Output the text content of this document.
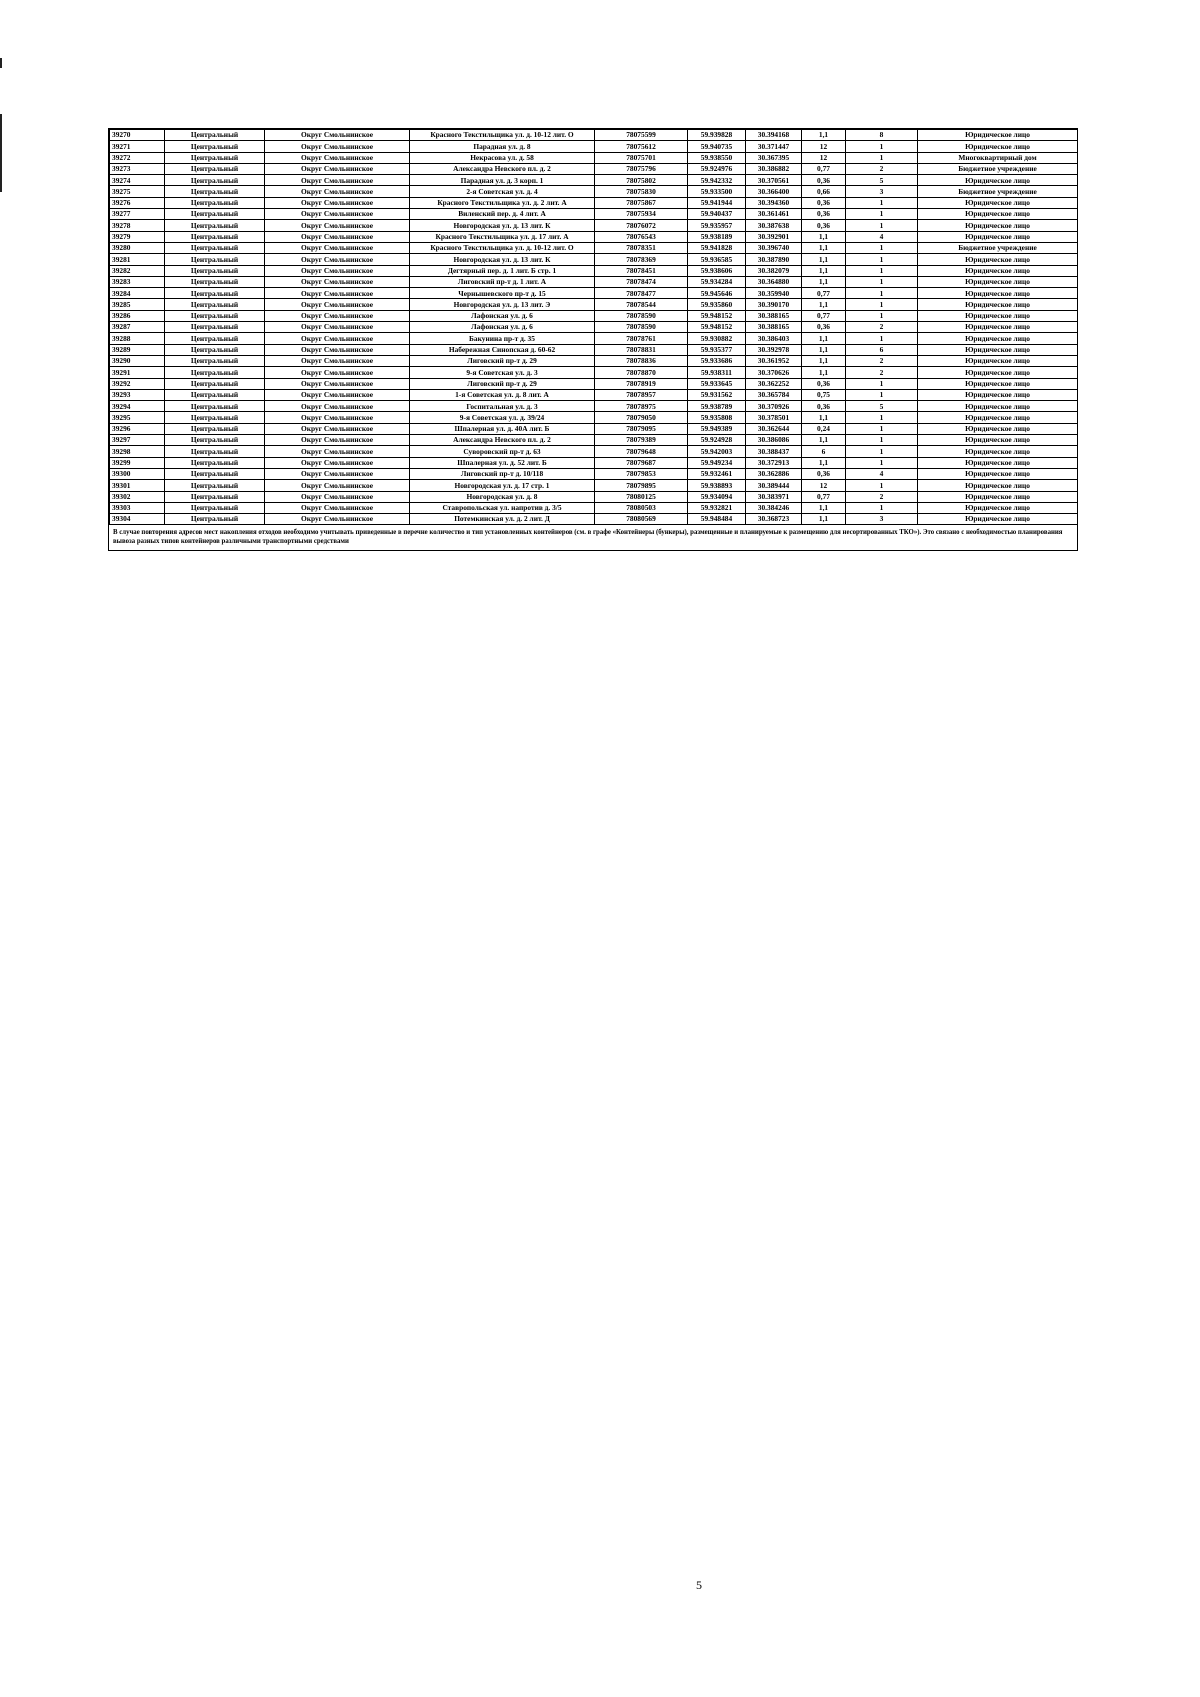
39270	Центральный	Округ Смольнинское	Красного Текстильщика ул. д. 10-12 лит. О	78075599	59.939828	30.394168	1,1	8	Юридическое лицо
39271	Центральный	Округ Смольнинское	Парадная ул. д. 8	78075612	59.940735	30.371447	12	1	Юридическое лицо
39272	Центральный	Округ Смольнинское	Некрасова ул. д. 58	78075701	59.938550	30.367395	12	1	Многоквартирный дом
39273	Центральный	Округ Смольнинское	Александра Невского пл. д. 2	78075796	59.924976	30.386882	0,77	2	Бюджетное учреждение
39274	Центральный	Округ Смольнинское	Парадная ул. д. 3 корп. 1	78075802	59.942332	30.370561	0,36	5	Юридическое лицо
39275	Центральный	Округ Смольнинское	2-я Советская ул. д. 4	78075830	59.933500	30.366400	0,66	3	Бюджетное учреждение
39276	Центральный	Округ Смольнинское	Красного Текстильщика ул. д. 2 лит. А	78075867	59.941944	30.394360	0,36	1	Юридическое лицо
39277	Центральный	Округ Смольнинское	Виленский пер. д. 4 лит. А	78075934	59.940437	30.361461	0,36	1	Юридическое лицо
39278	Центральный	Округ Смольнинское	Новгородская ул. д. 13 лит. К	78076072	59.935957	30.387638	0,36	1	Юридическое лицо
39279	Центральный	Округ Смольнинское	Красного Текстильщика ул. д. 17 лит. А	78076543	59.938189	30.392901	1,1	4	Юридическое лицо
39280	Центральный	Округ Смольнинское	Красного Текстильщика ул. д. 10-12 лит. О	78078351	59.941828	30.396740	1,1	1	Бюджетное учреждение
39281	Центральный	Округ Смольнинское	Новгородская ул. д. 13 лит. К	78078369	59.936585	30.387890	1,1	1	Юридическое лицо
39282	Центральный	Округ Смольнинское	Дегтярный пер. д. 1 лит. Б стр. 1	78078451	59.938606	30.382079	1,1	1	Юридическое лицо
39283	Центральный	Округ Смольнинское	Лиговский пр-т д. 1 лит. А	78078474	59.934284	30.364880	1,1	1	Юридическое лицо
39284	Центральный	Округ Смольнинское	Чернышевского пр-т д. 15	78078477	59.945646	30.359940	0,77	1	Юридическое лицо
39285	Центральный	Округ Смольнинское	Новгородская ул. д. 13 лит. Э	78078544	59.935860	30.390170	1,1	1	Юридическое лицо
39286	Центральный	Округ Смольнинское	Лафонская ул. д. 6	78078590	59.948152	30.388165	0,77	1	Юридическое лицо
39287	Центральный	Округ Смольнинское	Лафонская ул. д. 6	78078590	59.948152	30.388165	0,36	2	Юридическое лицо
39288	Центральный	Округ Смольнинское	Бакунина пр-т д. 35	78078761	59.930882	30.386403	1,1	1	Юридическое лицо
39289	Центральный	Округ Смольнинское	Набережная Синопская д. 60-62	78078831	59.935377	30.392978	1,1	6	Юридическое лицо
39290	Центральный	Округ Смольнинское	Лиговский пр-т д. 29	78078836	59.933686	30.361952	1,1	2	Юридическое лицо
39291	Центральный	Округ Смольнинское	9-я Советская ул. д. 3	78078870	59.938311	30.370626	1,1	2	Юридическое лицо
39292	Центральный	Округ Смольнинское	Лиговский пр-т д. 29	78078919	59.933645	30.362252	0,36	1	Юридическое лицо
39293	Центральный	Округ Смольнинское	1-я Советская ул. д. 8 лит. А	78078957	59.931562	30.365784	0,75	1	Юридическое лицо
39294	Центральный	Округ Смольнинское	Госпитальная ул. д. 3	78078975	59.938789	30.370926	0,36	5	Юридическое лицо
39295	Центральный	Округ Смольнинское	9-я Советская ул. д. 39/24	78079050	59.935808	30.378501	1,1	1	Юридическое лицо
39296	Центральный	Округ Смольнинское	Шпалерная ул. д. 40А лит. Б	78079095	59.949389	30.362644	0,24	1	Юридическое лицо
39297	Центральный	Округ Смольнинское	Александра Невского пл. д. 2	78079389	59.924928	30.386086	1,1	1	Юридическое лицо
39298	Центральный	Округ Смольнинское	Суворовский пр-т д. 63	78079648	59.942003	30.388437	6	1	Юридическое лицо
39299	Центральный	Округ Смольнинское	Шпалерная ул. д. 52 лит. Б	78079687	59.949234	30.372913	1,1	1	Юридическое лицо
39300	Центральный	Округ Смольнинское	Лиговский пр-т д. 10/118	78079853	59.932461	30.362886	0,36	4	Юридическое лицо
39301	Центральный	Округ Смольнинское	Новгородская ул. д. 17 стр. 1	78079895	59.938893	30.389444	12	1	Юридическое лицо
39302	Центральный	Округ Смольнинское	Новгородская ул. д. 8	78080125	59.934094	30.383971	0,77	2	Юридическое лицо
39303	Центральный	Округ Смольнинское	Ставропольская ул. напротив д. 3/5	78080503	59.932821	30.384246	1,1	1	Юридическое лицо
39304	Центральный	Округ Смольнинское	Потемкинская ул. д. 2 лит. Д	78080569	59.948484	30.368723	1,1	3	Юридическое лицо
В случае повторения адресов мест накопления отходов необходимо учитывать приведенные в перечне количество и тип установленных контейнеров (см. в графе «Контейнеры (бункеры), размещенные и планируемые к размещению для несортированных ТКО»). Это связано с необходимостью планирования вывоза разных типов контейнеров различными транспортными средствами
5
